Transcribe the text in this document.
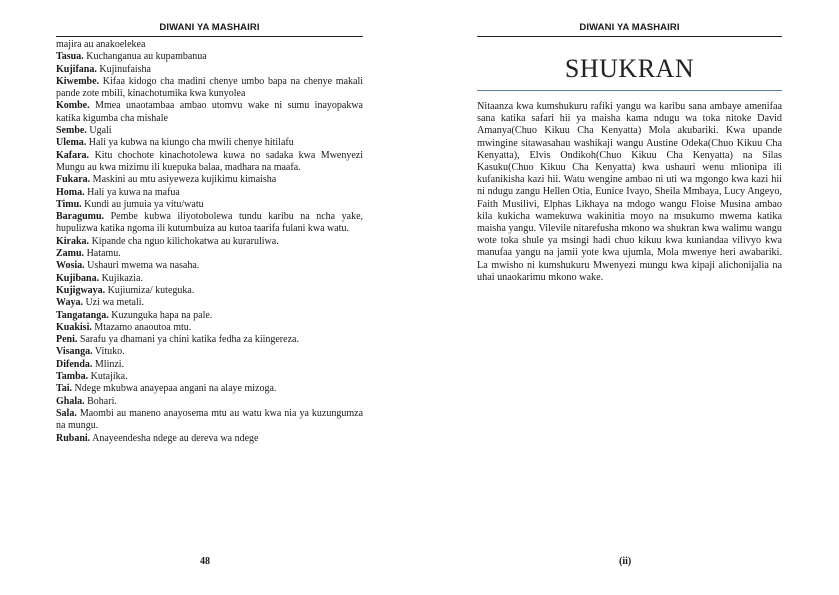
DIWANI YA MASHAIRI
majira au anakoelekea
Tasua. Kuchanganua au kupambanua
Kujifana. Kujinufaisha
Kiwembe. Kifaa kidogo cha madini chenye umbo bapa na chenye makali pande zote mbili, kinachotumika kwa kunyolea
Kombe. Mmea unaotambaa ambao utomvu wake ni sumu inayopakwa katika kigumba cha mishale
Sembe. Ugali
Ulema. Hali ya kubwa na kiungo cha mwili chenye hitilafu
Kafara. Kitu chochote kinachotolewa kuwa no sadaka kwa Mwenyezi Mungu au kwa mizimu ili kuepuka balaa, madhara na maafa.
Fukara. Maskini au mtu asiyeweza kujikimu kimaisha
Homa. Hali ya kuwa na mafua
Timu. Kundi au jumuia ya vitu/watu
Baragumu. Pembe kubwa iliyotobolewa tundu karibu na ncha yake, hupulizwa katika ngoma ili kutumbuiza au kutoa taarifa fulani kwa watu.
Kiraka. Kipande cha nguo kilichokatwa au kuraruliwa.
Zamu. Hatamu.
Wosia. Ushauri mwema wa nasaha.
Kujibana. Kujikazia.
Kujigwaya. Kujiumiza/ kuteguka.
Waya. Uzi wa metali.
Tangatanga. Kuzunguka hapa na pale.
Kuakisi. Mtazamo anaoutoa mtu.
Peni. Sarafu ya dhamani ya chini katika fedha za kiingereza.
Visanga. Vituko.
Difenda. Mlinzi.
Tamba. Kutajika.
Tai. Ndege mkubwa anayepaa angani na alaye mizoga.
Ghala. Bohari.
Sala. Maombi au maneno anayosema mtu au watu kwa nia ya kuzungumza na mungu.
Rubani. Anayeendesha ndege au dereva wa ndege
48
DIWANI YA MASHAIRI
SHUKRAN
Nitaanza kwa kumshukuru rafiki yangu wa karibu sana ambaye amenifaa sana katika safari hii ya maisha kama ndugu wa toka nitoke David Amanya(Chuo Kikuu Cha Kenyatta) Mola akubariki. Kwa upande mwingine sitawasahau washikaji wangu Austine Odeka(Chuo Kikuu Cha Kenyatta), Elvis Ondikoh(Chuo Kikuu Cha Kenyatta) na Silas Kasuku(Chuo Kikuu Cha Kenyatta) kwa ushauri wenu mlionipa ili kufanikisha kazi hii. Watu wengine ambao ni uti wa mgongo kwa kazi hii ni ndugu zangu Hellen Otia, Eunice Ivayo, Sheila Mmbaya, Lucy Angeyo, Faith Musilivi, Elphas Likhaya na mdogo wangu Floise Musina ambao kila kukicha wamekuwa wakinitia moyo na msukumo mwema katika maisha yangu. Vilevile nitarefusha mkono wa shukran kwa walimu wangu wote toka shule ya msingi hadi chuo kikuu kwa kuniandaa vilivyo kwa manufaa yangu na jamii yote kwa ujumla, Mola mwenye heri awabariki. La mwisho ni kumshukuru Mwenyezi mungu kwa kipaji alichonijalia na uhai unaokarimu mkono wake.
(ii)
